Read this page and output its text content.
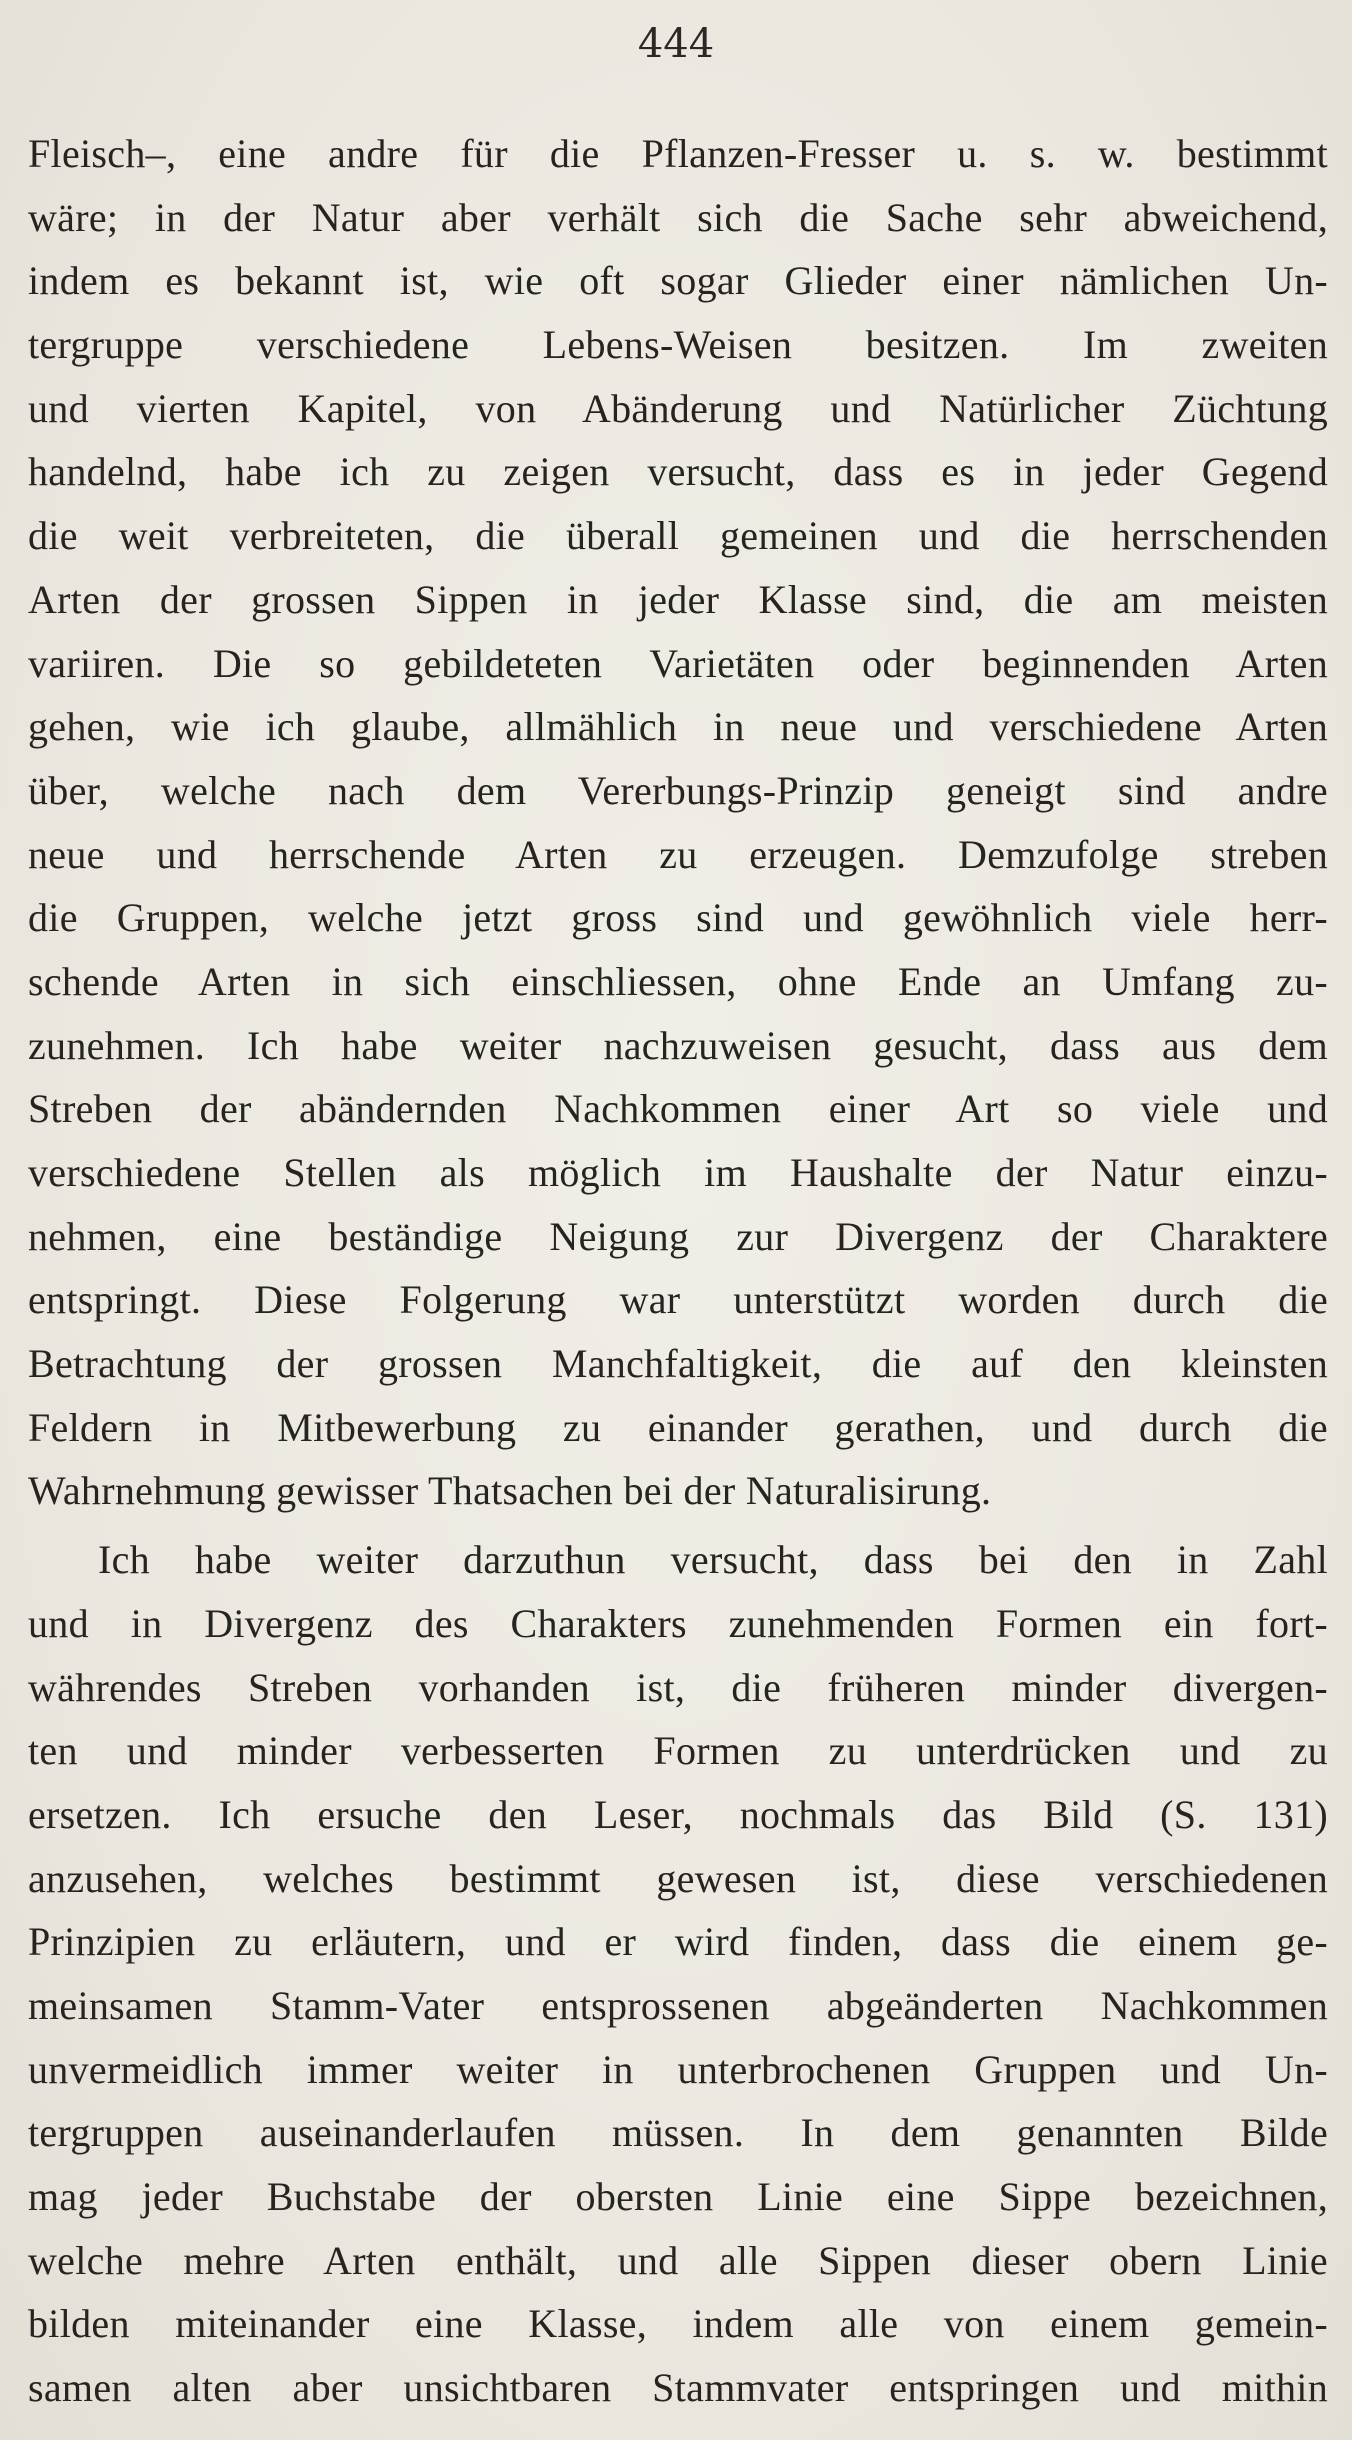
444
Fleisch–, eine andre für die Pflanzen-Fresser u. s. w. bestimmt
wäre; in der Natur aber verhält sich die Sache sehr abweichend,
indem es bekannt ist, wie oft sogar Glieder einer nämlichen Un-
tergruppe verschiedene Lebens-Weisen besitzen. Im zweiten
und vierten Kapitel, von Abänderung und Natürlicher Züchtung
handelnd, habe ich zu zeigen versucht, dass es in jeder Gegend
die weit verbreiteten, die überall gemeinen und die herrschenden
Arten der grossen Sippen in jeder Klasse sind, die am meisten
variiren. Die so gebildeteten Varietäten oder beginnenden Arten
gehen, wie ich glaube, allmählich in neue und verschiedene Arten
über, welche nach dem Vererbungs-Prinzip geneigt sind andre
neue und herrschende Arten zu erzeugen. Demzufolge streben
die Gruppen, welche jetzt gross sind und gewöhnlich viele herr-
schende Arten in sich einschliessen, ohne Ende an Umfang zu-
zunehmen. Ich habe weiter nachzuweisen gesucht, dass aus dem
Streben der abändernden Nachkommen einer Art so viele und
verschiedene Stellen als möglich im Haushalte der Natur einzu-
nehmen, eine beständige Neigung zur Divergenz der Charaktere
entspringt. Diese Folgerung war unterstützt worden durch die
Betrachtung der grossen Manchfaltigkeit, die auf den kleinsten
Feldern in Mitbewerbung zu einander gerathen, und durch die
Wahrnehmung gewisser Thatsachen bei der Naturalisirung.
Ich habe weiter darzuthun versucht, dass bei den in Zahl
und in Divergenz des Charakters zunehmenden Formen ein fort-
währendes Streben vorhanden ist, die früheren minder divergen-
ten und minder verbesserten Formen zu unterdrücken und zu
ersetzen. Ich ersuche den Leser, nochmals das Bild (S. 131)
anzusehen, welches bestimmt gewesen ist, diese verschiedenen
Prinzipien zu erläutern, und er wird finden, dass die einem ge-
meinsamen Stamm-Vater entsprossenen abgeänderten Nachkommen
unvermeidlich immer weiter in unterbrochenen Gruppen und Un-
tergruppen auseinanderlaufen müssen. In dem genannten Bilde
mag jeder Buchstabe der obersten Linie eine Sippe bezeichnen,
welche mehre Arten enthält, und alle Sippen dieser obern Linie
bilden miteinander eine Klasse, indem alle von einem gemein-
samen alten aber unsichtbaren Stammvater entspringen und mithin
